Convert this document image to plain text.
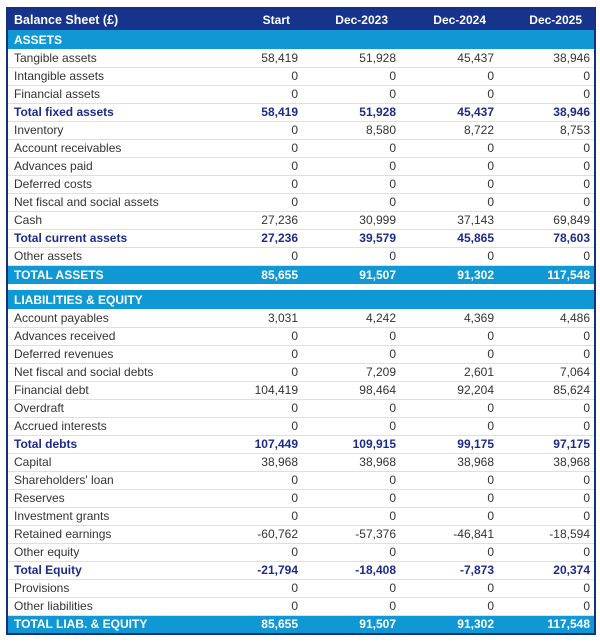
Balance Sheet (£)	Start	Dec-2023	Dec-2024	Dec-2025
ASSETS				
Tangible assets	58,419	51,928	45,437	38,946
Intangible assets	0	0	0	0
Financial assets	0	0	0	0
Total fixed assets	58,419	51,928	45,437	38,946
Inventory	0	8,580	8,722	8,753
Account receivables	0	0	0	0
Advances paid	0	0	0	0
Deferred costs	0	0	0	0
Net fiscal and social assets	0	0	0	0
Cash	27,236	30,999	37,143	69,849
Total current assets	27,236	39,579	45,865	78,603
Other assets	0	0	0	0
TOTAL ASSETS	85,655	91,507	91,302	117,548

LIABILITIES & EQUITY				
Account payables	3,031	4,242	4,369	4,486
Advances received	0	0	0	0
Deferred revenues	0	0	0	0
Net fiscal and social debts	0	7,209	2,601	7,064
Financial debt	104,419	98,464	92,204	85,624
Overdraft	0	0	0	0
Accrued interests	0	0	0	0
Total debts	107,449	109,915	99,175	97,175
Capital	38,968	38,968	38,968	38,968
Shareholders' loan	0	0	0	0
Reserves	0	0	0	0
Investment grants	0	0	0	0
Retained earnings	-60,762	-57,376	-46,841	-18,594
Other equity	0	0	0	0
Total Equity	-21,794	-18,408	-7,873	20,374
Provisions	0	0	0	0
Other liabilities	0	0	0	0
TOTAL LIAB. & EQUITY	85,655	91,507	91,302	117,548
